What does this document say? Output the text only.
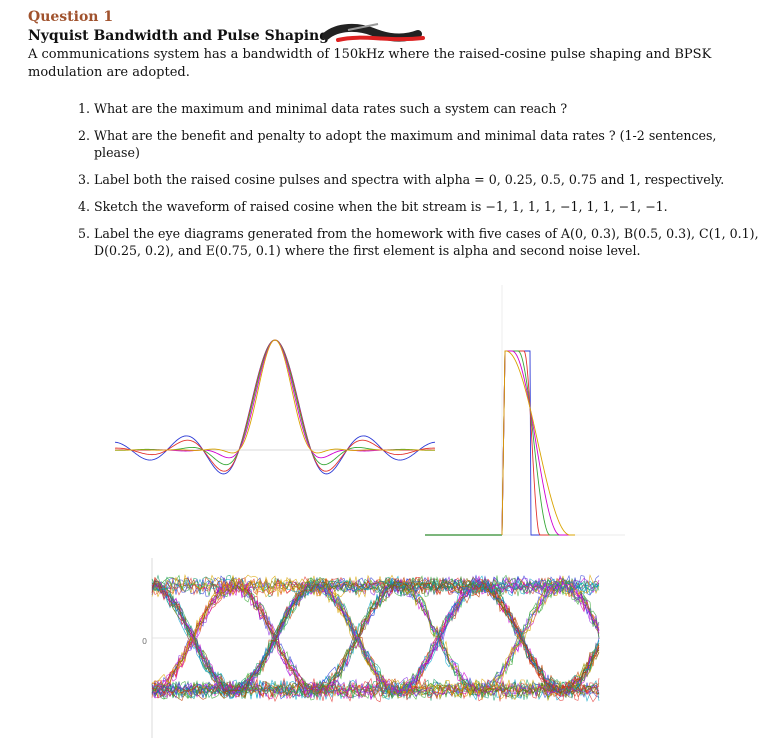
Question 1
Nyquist Bandwidth and Pulse Shaping
A communications system has a bandwidth of 150kHz where the raised-cosine pulse shaping and BPSK modulation are adopted.
1. What are the maximum and minimal data rates such a system can reach ?
2. What are the benefit and penalty to adopt the maximum and minimal data rates ? (1-2 sentences, please)
3. Label both the raised cosine pulses and spectra with alpha = 0, 0.25, 0.5, 0.75 and 1, respectively.
4. Sketch the waveform of raised cosine when the bit stream is −1, 1, 1, 1, −1, 1, 1, −1, −1.
5. Label the eye diagrams generated from the homework with five cases of A(0, 0.3), B(0.5, 0.3), C(1, 0.1), D(0.25, 0.2), and E(0.75, 0.1) where the first element is alpha and second noise level.
0
